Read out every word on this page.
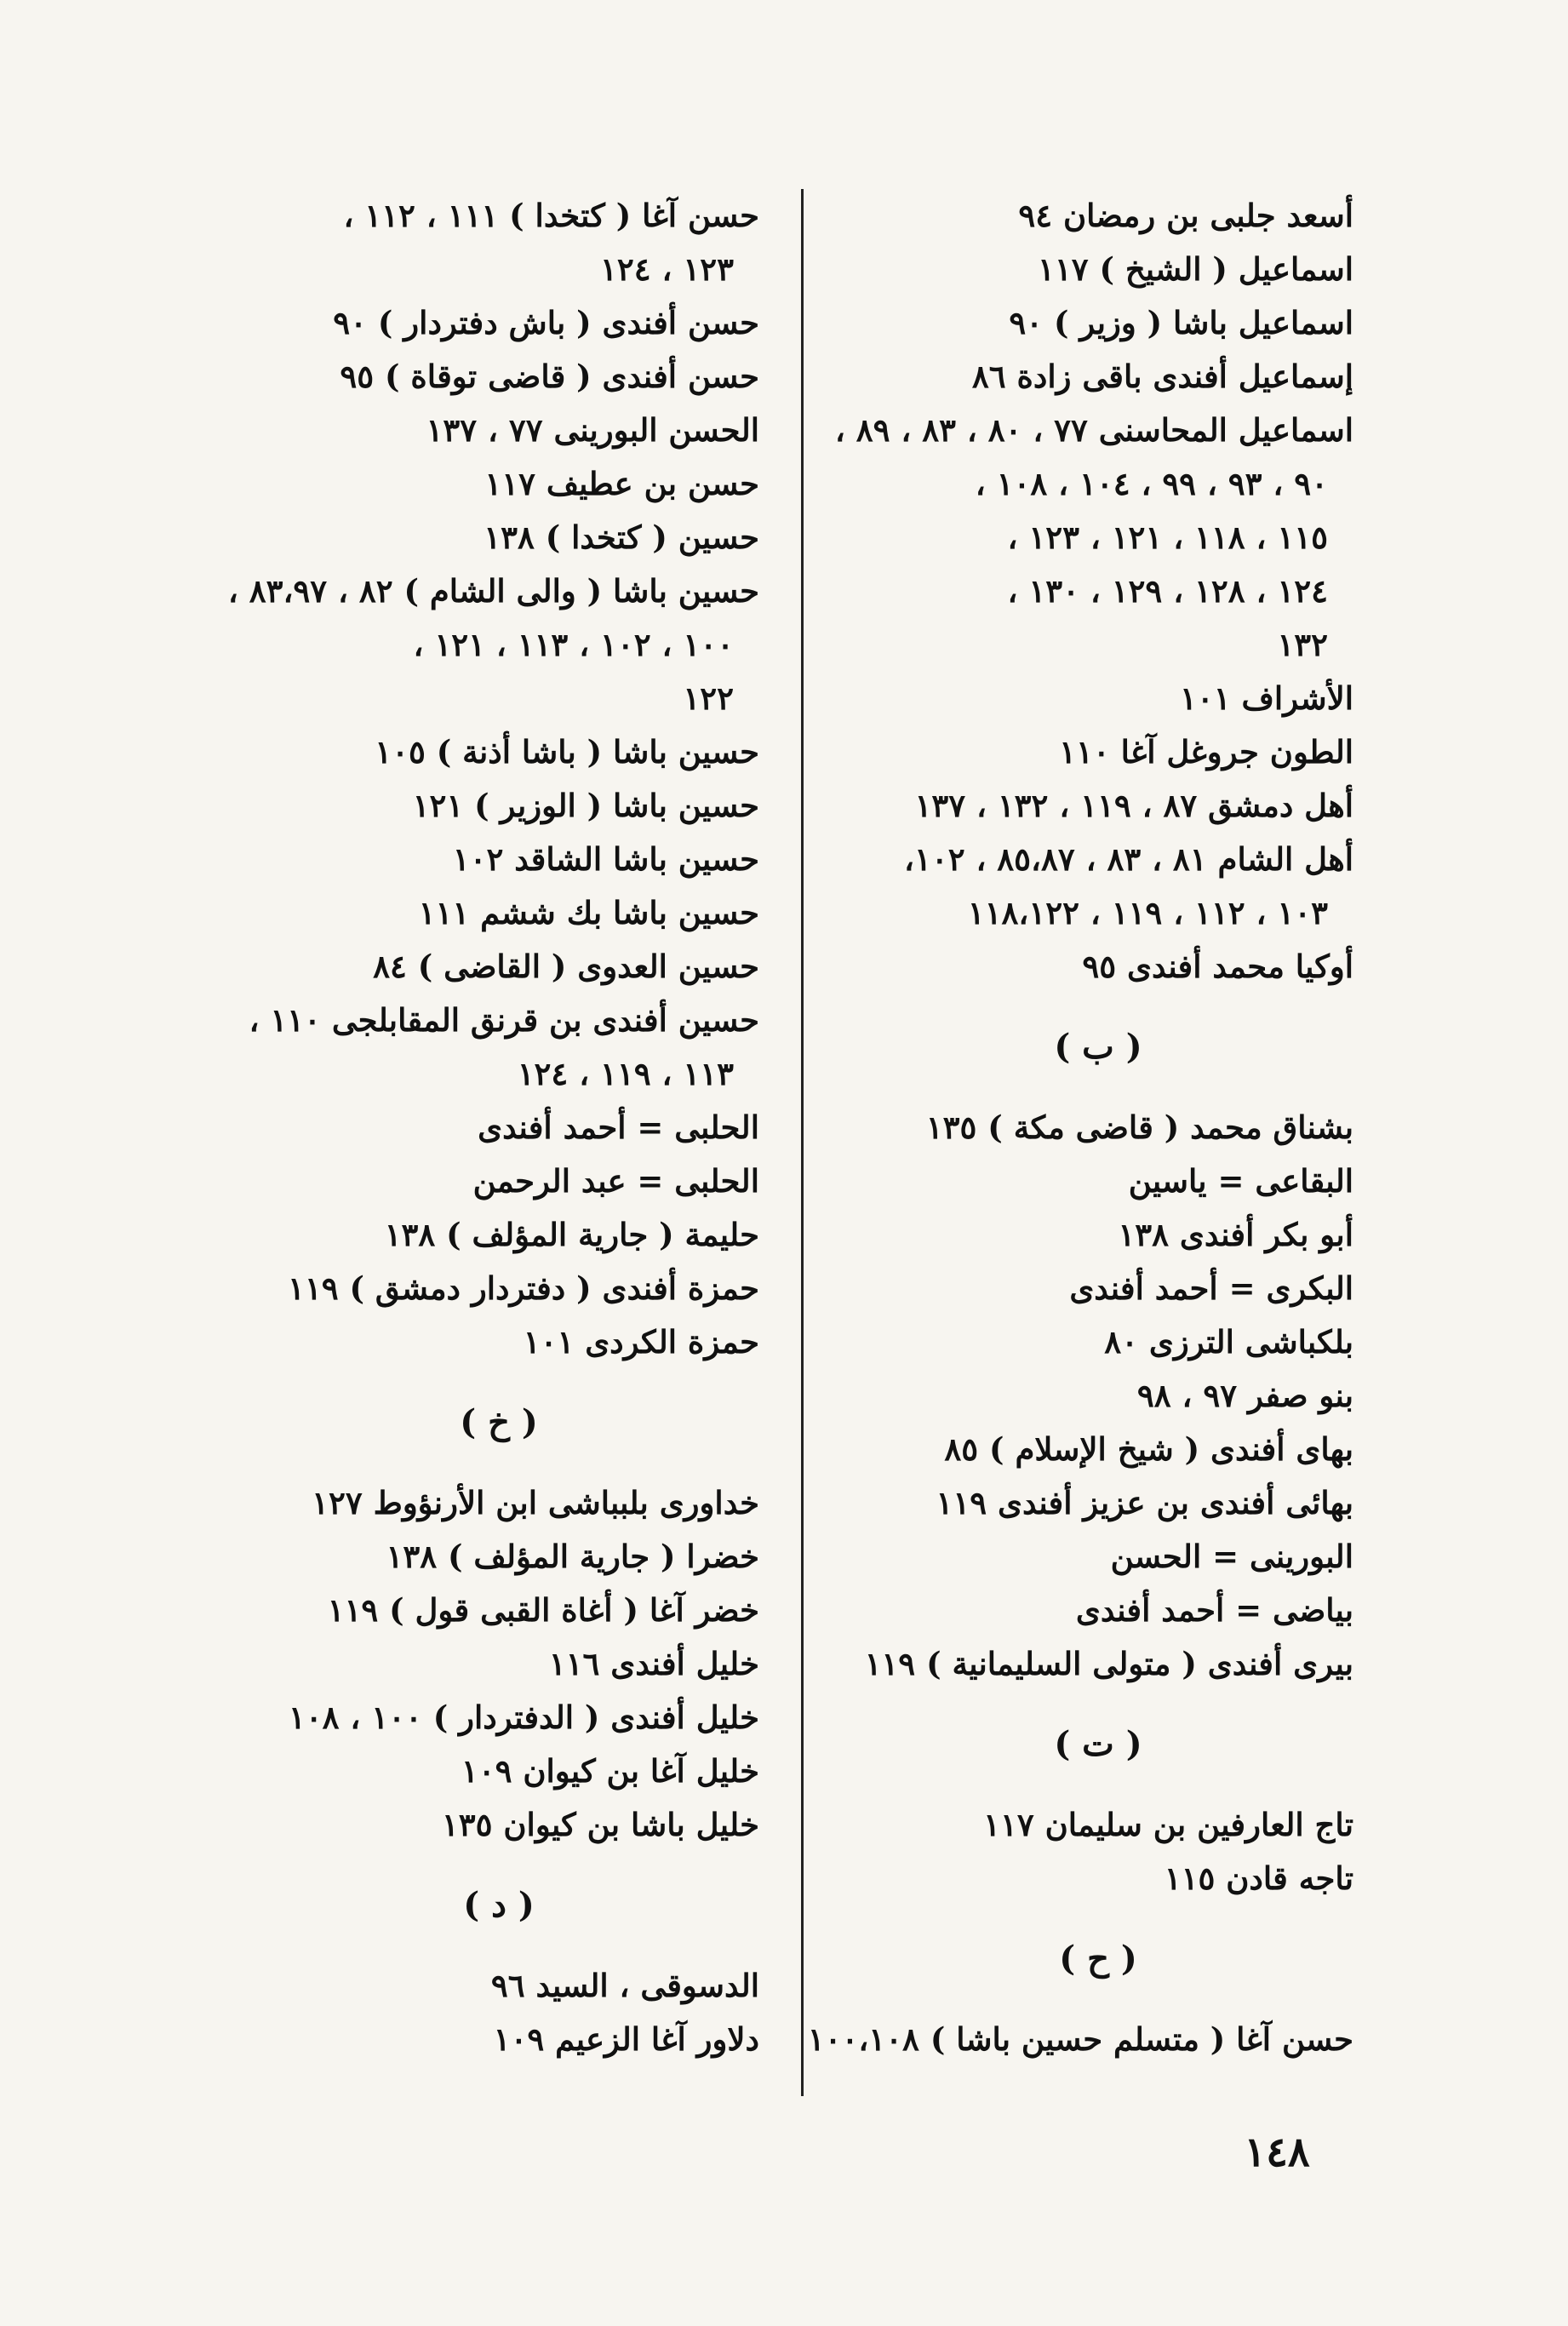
أسعد جلبى بن رمضان ٩٤
اسماعيل ( الشيخ ) ١١٧
اسماعيل باشا ( وزير ) ٩٠
إسماعيل أفندى باقى زادة ٨٦
اسماعيل المحاسنى ٧٧ ، ٨٠ ، ٨٣ ، ٨٩ ،
٩٠ ، ٩٣ ، ٩٩ ، ١٠٤ ، ١٠٨ ،
١١٥ ، ١١٨ ، ١٢١ ، ١٢٣ ،
١٢٤ ، ١٢٨ ، ١٢٩ ، ١٣٠ ،
١٣٢
الأشراف ١٠١
الطون جروغل آغا ١١٠
أهل دمشق ٨٧ ، ١١٩ ، ١٣٢ ، ١٣٧
أهل الشام ٨١ ، ٨٣ ، ٨٥،٨٧ ، ١٠٢،
١٠٣ ، ١١٢ ، ١١٩ ، ١١٨،١٢٢
أوكيا محمد أفندى ٩٥
( ب )
بشناق محمد ( قاضى مكة ) ١٣٥
البقاعى = ياسين
أبو بكر أفندى ١٣٨
البكرى = أحمد أفندى
بلكباشى الترزى ٨٠
بنو صفر ٩٧ ، ٩٨
بهاى أفندى ( شيخ الإسلام ) ٨٥
بهائى أفندى بن عزيز أفندى ١١٩
البورينى = الحسن
بياضى = أحمد أفندى
بيرى أفندى ( متولى السليمانية ) ١١٩
( ت )
تاج العارفين بن سليمان ١١٧
تاجه قادن ١١٥
( ح )
حسن آغا ( متسلم حسين باشا ) ١٠٠،١٠٨
حسن آغا ( كتخدا ) ١١١ ، ١١٢ ،
١٢٣ ، ١٢٤
حسن أفندى ( باش دفتردار ) ٩٠
حسن أفندى ( قاضى توقاة ) ٩٥
الحسن البورينى ٧٧ ، ١٣٧
حسن بن عطيف ١١٧
حسين ( كتخدا ) ١٣٨
حسين باشا ( والى الشام ) ٨٢ ، ٨٣،٩٧ ،
١٠٠ ، ١٠٢ ، ١١٣ ، ١٢١ ،
١٢٢
حسين باشا ( باشا أذنة ) ١٠٥
حسين باشا ( الوزير ) ١٢١
حسين باشا الشاقد ١٠٢
حسين باشا بك ششم ١١١
حسين العدوى ( القاضى ) ٨٤
حسين أفندى بن قرنق المقابلجى ١١٠ ،
١١٣ ، ١١٩ ، ١٢٤
الحلبى = أحمد أفندى
الحلبى = عبد الرحمن
حليمة ( جارية المؤلف ) ١٣٨
حمزة أفندى ( دفتردار دمشق ) ١١٩
حمزة الكردى ١٠١
( خ )
خداورى بلبباشى ابن الأرنؤوط ١٢٧
خضرا ( جارية المؤلف ) ١٣٨
خضر آغا ( أغاة القبى قول ) ١١٩
خليل أفندى ١١٦
خليل أفندى ( الدفتردار ) ١٠٠ ، ١٠٨
خليل آغا بن كيوان ١٠٩
خليل باشا بن كيوان ١٣٥
( د )
الدسوقى ، السيد ٩٦
دلاور آغا الزعيم ١٠٩
١٤٨
